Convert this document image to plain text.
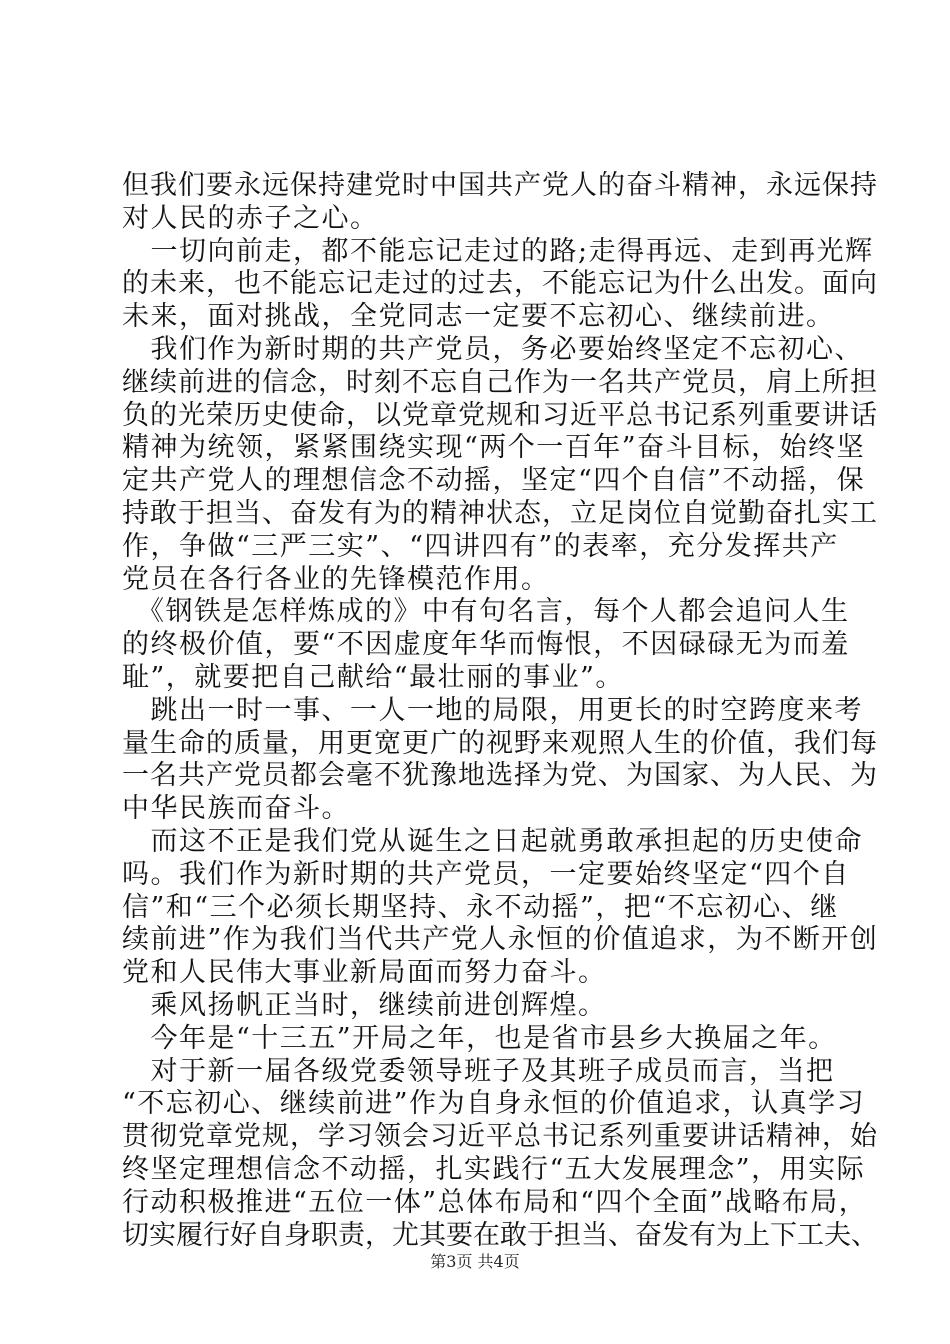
但我们要永远保持建党时中国共产党人的奋斗精神，永远保持
对人民的赤子之心。
　一切向前走，都不能忘记走过的路;走得再远、走到再光辉
的未来，也不能忘记走过的过去，不能忘记为什么出发。面向
未来，面对挑战，全党同志一定要不忘初心、继续前进。
　我们作为新时期的共产党员，务必要始终坚定不忘初心、
继续前进的信念，时刻不忘自己作为一名共产党员，肩上所担
负的光荣历史使命，以党章党规和习近平总书记系列重要讲话
精神为统领，紧紧围绕实现“两个一百年”奋斗目标，始终坚
定共产党人的理想信念不动摇，坚定“四个自信”不动摇，保
持敢于担当、奋发有为的精神状态，立足岗位自觉勤奋扎实工
作，争做“三严三实”、“四讲四有”的表率，充分发挥共产
党员在各行各业的先锋模范作用。
　《钢铁是怎样炼成的》中有句名言，每个人都会追问人生
的终极价值，要“不因虚度年华而悔恨，不因碌碌无为而羞
耻”，就要把自己献给“最壮丽的事业”。
　跳出一时一事、一人一地的局限，用更长的时空跨度来考
量生命的质量，用更宽更广的视野来观照人生的价值，我们每
一名共产党员都会毫不犹豫地选择为党、为国家、为人民、为
中华民族而奋斗。
　而这不正是我们党从诞生之日起就勇敢承担起的历史使命
吗。我们作为新时期的共产党员，一定要始终坚定“四个自
信”和“三个必须长期坚持、永不动摇”，把“不忘初心、继
续前进”作为我们当代共产党人永恒的价值追求，为不断开创
党和人民伟大事业新局面而努力奋斗。
　乘风扬帆正当时，继续前进创辉煌。
　今年是“十三五”开局之年，也是省市县乡大换届之年。
　对于新一届各级党委领导班子及其班子成员而言，当把
“不忘初心、继续前进”作为自身永恒的价值追求，认真学习
贯彻党章党规，学习领会习近平总书记系列重要讲话精神，始
终坚定理想信念不动摇，扎实践行“五大发展理念”，用实际
行动积极推进“五位一体”总体布局和“四个全面”战略布局，
切实履行好自身职责，尤其要在敢于担当、奋发有为上下工夫、
第3页 共4页
